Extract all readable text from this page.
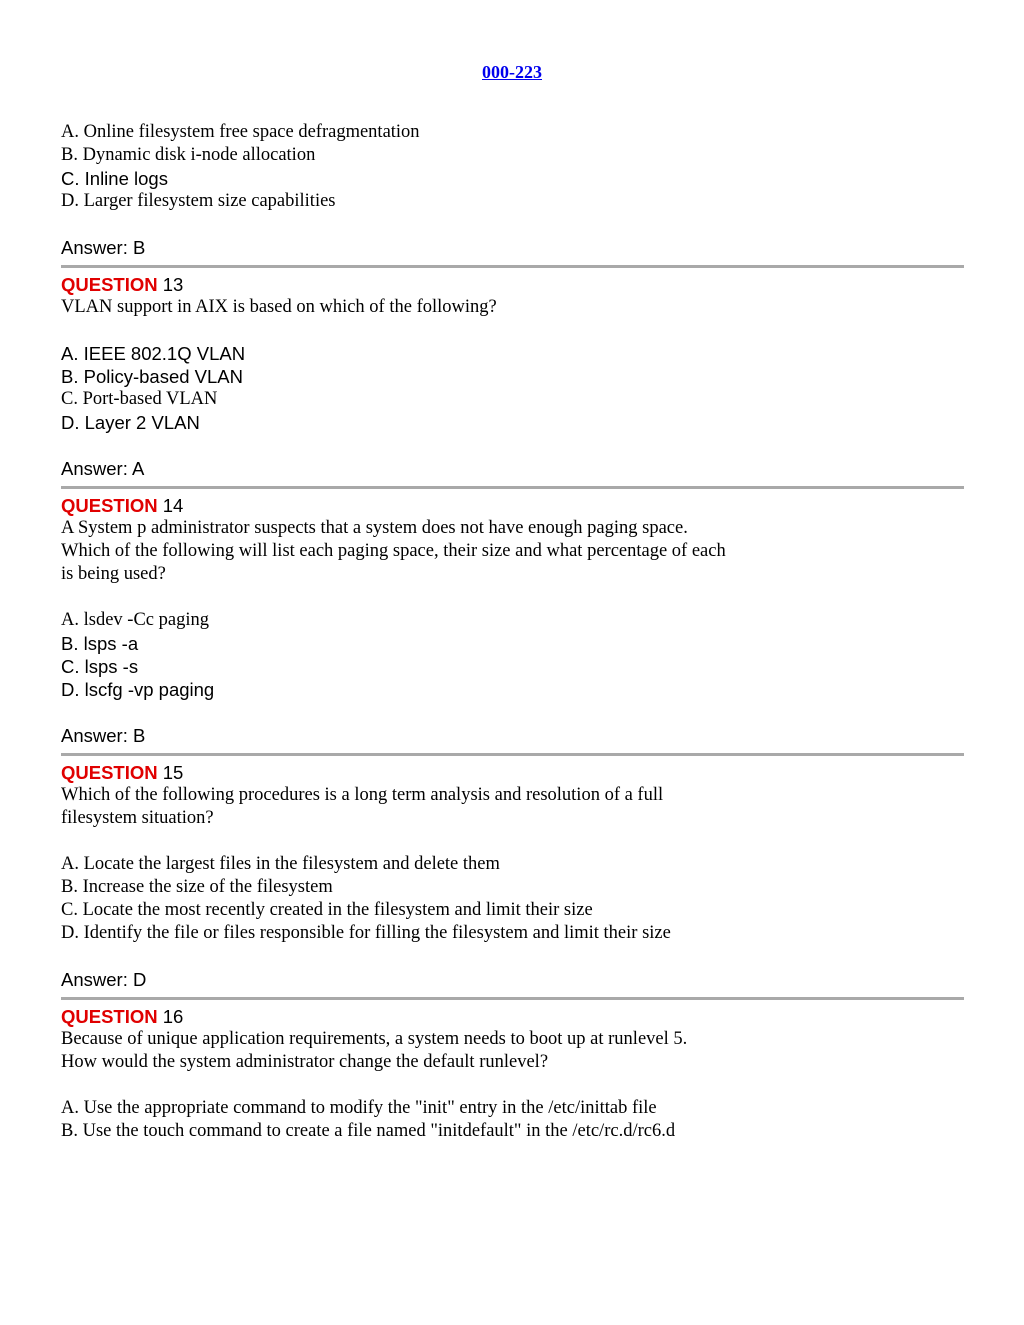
000-223
A. Online filesystem free space defragmentation
B. Dynamic disk i-node allocation
C. Inline logs
D. Larger filesystem size capabilities
Answer: B
QUESTION 13
VLAN support in AIX is based on which of the following?
A. IEEE 802.1Q VLAN
B. Policy-based VLAN
C. Port-based VLAN
D. Layer 2 VLAN
Answer: A
QUESTION 14
A System p administrator suspects that a system does not have enough paging space.
Which of the following will list each paging space, their size and what percentage of each
is being used?
A. lsdev -Cc paging
B. lsps -a
C. lsps -s
D. lscfg -vp paging
Answer: B
QUESTION 15
Which of the following procedures is a long term analysis and resolution of a full
filesystem situation?
A. Locate the largest files in the filesystem and delete them
B. Increase the size of the filesystem
C. Locate the most recently created in the filesystem and limit their size
D. Identify the file or files responsible for filling the filesystem and limit their size
Answer: D
QUESTION 16
Because of unique application requirements, a system needs to boot up at runlevel 5.
How would the system administrator change the default runlevel?
A. Use the appropriate command to modify the "init" entry in the /etc/inittab file
B. Use the touch command to create a file named "initdefault" in the /etc/rc.d/rc6.d
